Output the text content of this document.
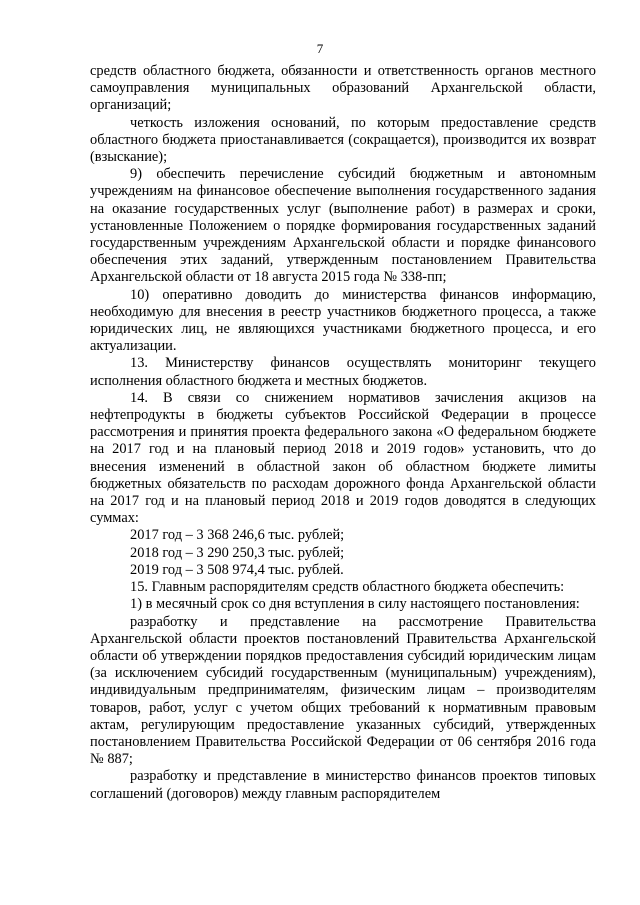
7

средств областного бюджета, обязанности и ответственность органов местного самоуправления муниципальных образований Архангельской области, организаций;

четкость изложения оснований, по которым предоставление средств областного бюджета приостанавливается (сокращается), производится их возврат (взыскание);

9) обеспечить перечисление субсидий бюджетным и автономным учреждениям на финансовое обеспечение выполнения государственного задания на оказание государственных услуг (выполнение работ) в размерах и сроки, установленные Положением о порядке формирования государственных заданий государственным учреждениям Архангельской области и порядке финансового обеспечения этих заданий, утвержденным постановлением Правительства Архангельской области от 18 августа 2015 года № 338-пп;

10) оперативно доводить до министерства финансов информацию, необходимую для внесения в реестр участников бюджетного процесса, а также юридических лиц, не являющихся участниками бюджетного процесса, и его актуализации.

13. Министерству финансов осуществлять мониторинг текущего исполнения областного бюджета и местных бюджетов.

14. В связи со снижением нормативов зачисления акцизов на нефтепродукты в бюджеты субъектов Российской Федерации в процессе рассмотрения и принятия проекта федерального закона «О федеральном бюджете на 2017 год и на плановый период 2018 и 2019 годов» установить, что до внесения изменений в областной закон об областном бюджете лимиты бюджетных обязательств по расходам дорожного фонда Архангельской области на 2017 год и на плановый период 2018 и 2019 годов доводятся в следующих суммах:

2017 год – 3 368 246,6 тыс. рублей;

2018 год – 3 290 250,3 тыс. рублей;

2019 год – 3 508 974,4 тыс. рублей.

15. Главным распорядителям средств областного бюджета обеспечить:

1) в месячный срок со дня вступления в силу настоящего постановления:

разработку и представление на рассмотрение Правительства Архангельской области проектов постановлений Правительства Архангельской области об утверждении порядков предоставления субсидий юридическим лицам (за исключением субсидий государственным (муниципальным) учреждениям), индивидуальным предпринимателям, физическим лицам – производителям товаров, работ, услуг с учетом общих требований к нормативным правовым актам, регулирующим предоставление указанных субсидий, утвержденных постановлением Правительства Российской Федерации от 06 сентября 2016 года № 887;

разработку и представление в министерство финансов проектов типовых соглашений (договоров) между главным распорядителем
